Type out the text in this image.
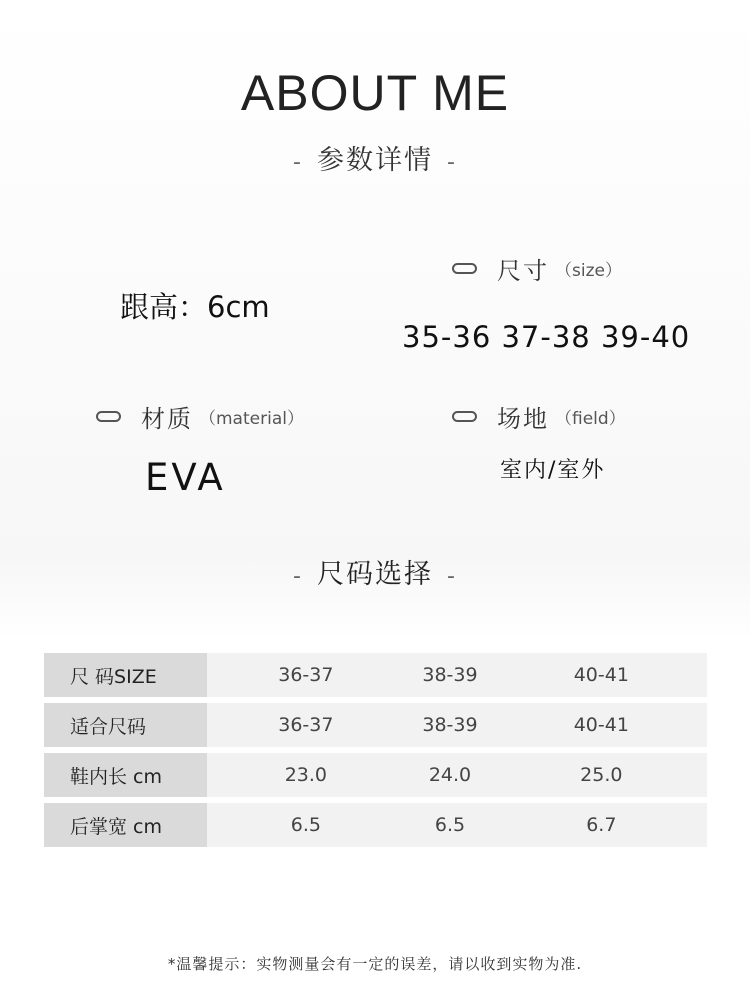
ABOUT ME
- 参数详情 -
尺寸 （size）
跟高：6cm
35-36 37-38 39-40
材质 （material）
EVA
场地 （field）
室内/室外
- 尺码选择 -
尺 码SIZE	36-37	38-39	40-41
适合尺码	36-37	38-39	40-41
鞋内长 cm	23.0	24.0	25.0
后掌宽 cm	6.5	6.5	6.7
*温馨提示：实物测量会有一定的误差，请以收到实物为准.
